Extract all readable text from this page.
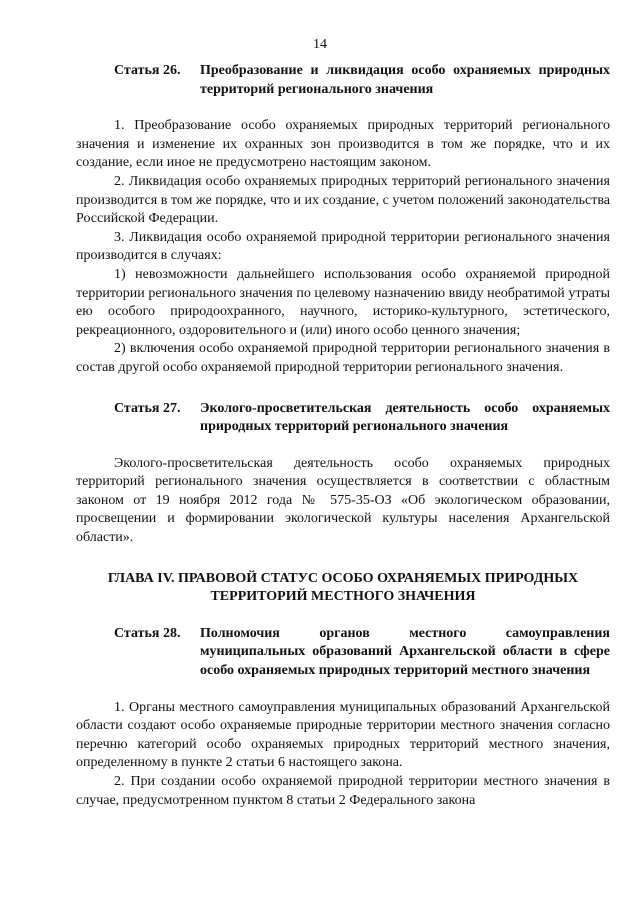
14
Статья 26.	Преобразование и ликвидация особо охраняемых природных территорий регионального значения

1. Преобразование особо охраняемых природных территорий регионального значения и изменение их охранных зон производится в том же порядке, что и их создание, если иное не предусмотрено настоящим законом.

2. Ликвидация особо охраняемых природных территорий регионального значения производится в том же порядке, что и их создание, с учетом положений законодательства Российской Федерации.

3. Ликвидация особо охраняемой природной территории регионального значения производится в случаях:

1) невозможности дальнейшего использования особо охраняемой природной территории регионального значения по целевому назначению ввиду необратимой утраты ею особого природоохранного, научного, историко-культурного, эстетического, рекреационного, оздоровительного и (или) иного особо ценного значения;

2) включения особо охраняемой природной территории регионального значения в состав другой особо охраняемой природной территории регионального значения.

Статья 27.	Эколого-просветительская деятельность особо охраняемых природных территорий регионального значения

Эколого-просветительская деятельность особо охраняемых природных территорий регионального значения осуществляется в соответствии с областным законом от 19 ноября 2012 года № 575-35-ОЗ «Об экологическом образовании, просвещении и формировании экологической культуры населения Архангельской области».

ГЛАВА IV. ПРАВОВОЙ СТАТУС ОСОБО ОХРАНЯЕМЫХ ПРИРОДНЫХ ТЕРРИТОРИЙ МЕСТНОГО ЗНАЧЕНИЯ
Статья 28.	Полномочия органов местного самоуправления муниципальных образований Архангельской области в сфере особо охраняемых природных территорий местного значения

1. Органы местного самоуправления муниципальных образований Архангельской области создают особо охраняемые природные территории местного значения согласно перечню категорий особо охраняемых природных территорий местного значения, определенному в пункте 2 статьи 6 настоящего закона.

2. При создании особо охраняемой природной территории местного значения в случае, предусмотренном пунктом 8 статьи 2 Федерального закона
